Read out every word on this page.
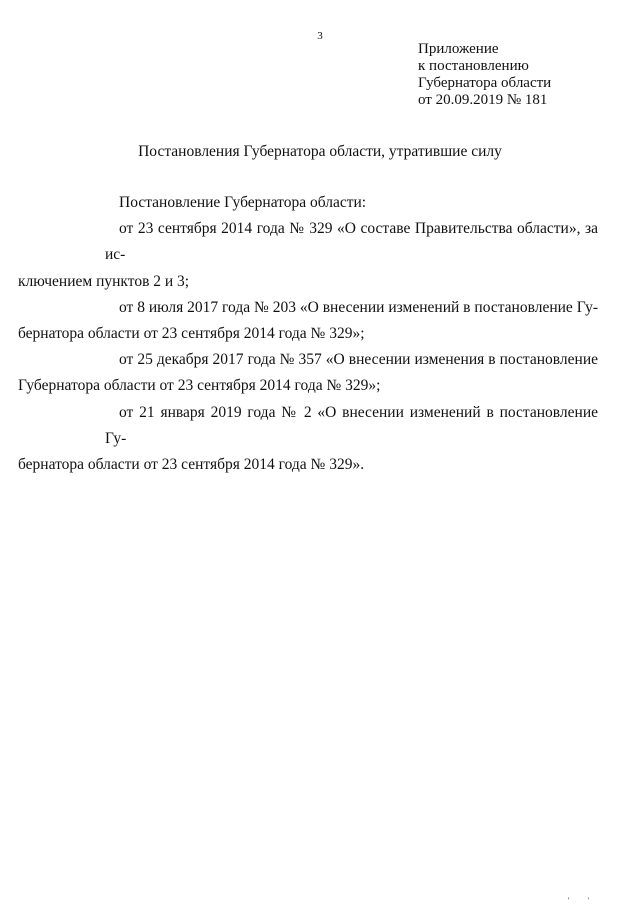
3
Приложение
к постановлению
Губернатора области
от 20.09.2019 № 181
Постановления Губернатора области, утратившие силу

Постановление Губернатора области:

от 23 сентября 2014 года № 329 «О составе Правительства области», за ис-

ключением пунктов 2 и 3;

от 8 июля 2017 года № 203 «О внесении изменений в постановление Гу-

бернатора области от 23 сентября 2014 года № 329»;

от 25 декабря 2017 года № 357 «О внесении изменения в постановление

Губернатора области от 23 сентября 2014 года № 329»;

от 21 января 2019 года № 2 «О внесении изменений в постановление Гу-

бернатора области от 23 сентября 2014 года № 329».

' '
